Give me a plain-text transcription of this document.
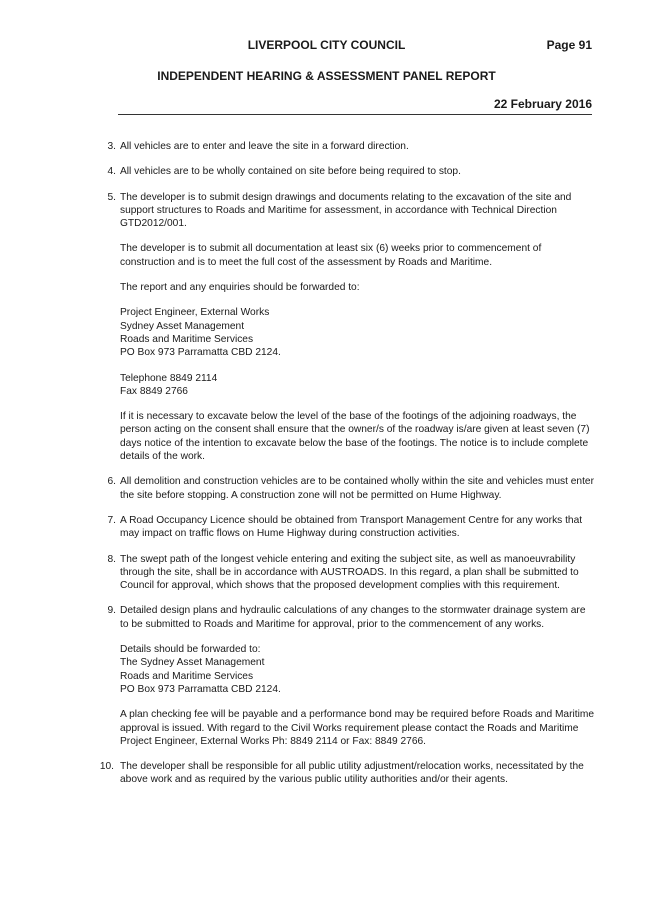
LIVERPOOL CITY COUNCIL	Page 91
INDEPENDENT HEARING & ASSESSMENT PANEL REPORT
22 February 2016
3. All vehicles are to enter and leave the site in a forward direction.

4. All vehicles are to be wholly contained on site before being required to stop.

5. The developer is to submit design drawings and documents relating to the excavation of the site and support structures to Roads and Maritime for assessment, in accordance with Technical Direction GTD2012/001.

The developer is to submit all documentation at least six (6) weeks prior to commencement of construction and is to meet the full cost of the assessment by Roads and Maritime.

The report and any enquiries should be forwarded to:

Project Engineer, External Works
Sydney Asset Management
Roads and Maritime Services
PO Box 973 Parramatta CBD 2124.

Telephone 8849 2114
Fax 8849 2766

If it is necessary to excavate below the level of the base of the footings of the adjoining roadways, the person acting on the consent shall ensure that the owner/s of the roadway is/are given at least seven (7) days notice of the intention to excavate below the base of the footings. The notice is to include complete details of the work.

6. All demolition and construction vehicles are to be contained wholly within the site and vehicles must enter the site before stopping. A construction zone will not be permitted on Hume Highway.

7. A Road Occupancy Licence should be obtained from Transport Management Centre for any works that may impact on traffic flows on Hume Highway during construction activities.

8. The swept path of the longest vehicle entering and exiting the subject site, as well as manoeuvrability through the site, shall be in accordance with AUSTROADS. In this regard, a plan shall be submitted to Council for approval, which shows that the proposed development complies with this requirement.

9. Detailed design plans and hydraulic calculations of any changes to the stormwater drainage system are to be submitted to Roads and Maritime for approval, prior to the commencement of any works.

Details should be forwarded to:
The Sydney Asset Management
Roads and Maritime Services
PO Box 973 Parramatta CBD 2124.

A plan checking fee will be payable and a performance bond may be required before Roads and Maritime approval is issued. With regard to the Civil Works requirement please contact the Roads and Maritime Project Engineer, External Works Ph: 8849 2114 or Fax: 8849 2766.

10. The developer shall be responsible for all public utility adjustment/relocation works, necessitated by the above work and as required by the various public utility authorities and/or their agents.
